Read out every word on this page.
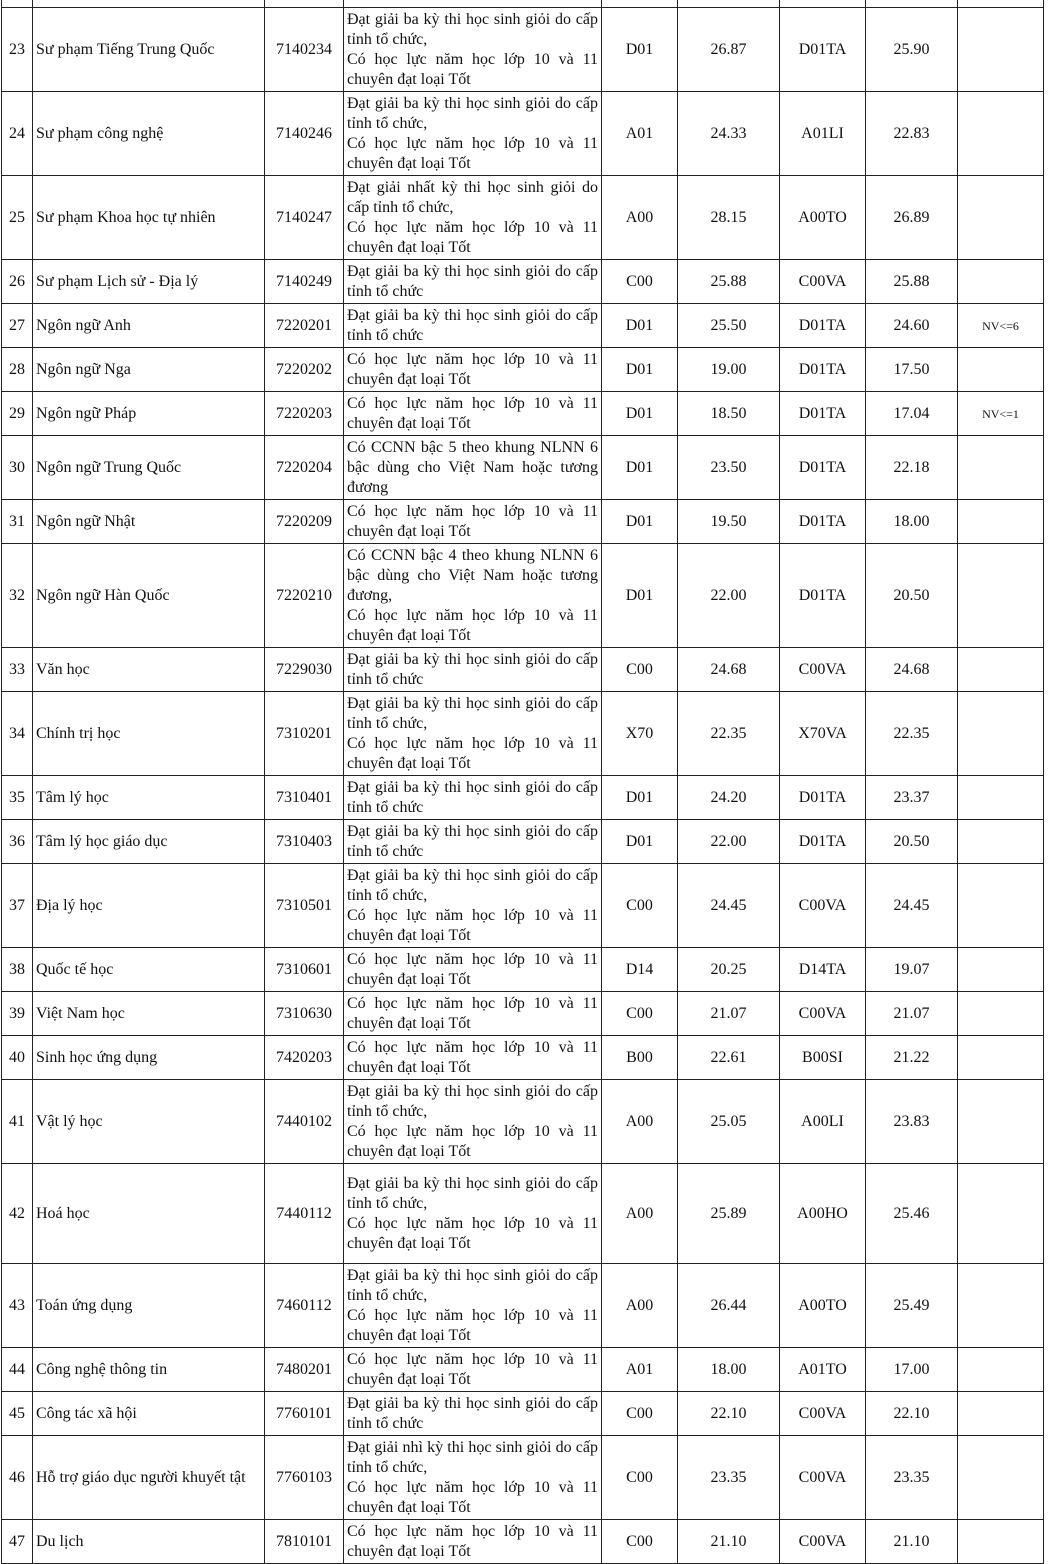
23	Sư phạm Tiếng Trung Quốc	7140234	Đạt giải ba kỳ thi học sinh giỏi do cấp tỉnh tổ chức,
Có học lực năm học lớp 10 và 11 chuyên đạt loại Tốt	D01	26.87	D01TA	25.90	
24	Sư phạm công nghệ	7140246	Đạt giải ba kỳ thi học sinh giỏi do cấp tỉnh tổ chức,
Có học lực năm học lớp 10 và 11 chuyên đạt loại Tốt	A01	24.33	A01LI	22.83	
25	Sư phạm Khoa học tự nhiên	7140247	Đạt giải nhất kỳ thi học sinh giỏi do cấp tỉnh tổ chức,
Có học lực năm học lớp 10 và 11 chuyên đạt loại Tốt	A00	28.15	A00TO	26.89	
26	Sư phạm Lịch sử - Địa lý	7140249	Đạt giải ba kỳ thi học sinh giỏi do cấp tỉnh tổ chức	C00	25.88	C00VA	25.88	
27	Ngôn ngữ Anh	7220201	Đạt giải ba kỳ thi học sinh giỏi do cấp tỉnh tổ chức	D01	25.50	D01TA	24.60	NV<=6
28	Ngôn ngữ Nga	7220202	Có học lực năm học lớp 10 và 11 chuyên đạt loại Tốt	D01	19.00	D01TA	17.50	
29	Ngôn ngữ Pháp	7220203	Có học lực năm học lớp 10 và 11 chuyên đạt loại Tốt	D01	18.50	D01TA	17.04	NV<=1
30	Ngôn ngữ Trung Quốc	7220204	Có CCNN bậc 5 theo khung NLNN 6 bậc dùng cho Việt Nam hoặc tương đương	D01	23.50	D01TA	22.18	
31	Ngôn ngữ Nhật	7220209	Có học lực năm học lớp 10 và 11 chuyên đạt loại Tốt	D01	19.50	D01TA	18.00	
32	Ngôn ngữ Hàn Quốc	7220210	Có CCNN bậc 4 theo khung NLNN 6 bậc dùng cho Việt Nam hoặc tương đương,
Có học lực năm học lớp 10 và 11 chuyên đạt loại Tốt	D01	22.00	D01TA	20.50	
33	Văn học	7229030	Đạt giải ba kỳ thi học sinh giỏi do cấp tỉnh tổ chức	C00	24.68	C00VA	24.68	
34	Chính trị học	7310201	Đạt giải ba kỳ thi học sinh giỏi do cấp tỉnh tổ chức,
Có học lực năm học lớp 10 và 11 chuyên đạt loại Tốt	X70	22.35	X70VA	22.35	
35	Tâm lý học	7310401	Đạt giải ba kỳ thi học sinh giỏi do cấp tỉnh tổ chức	D01	24.20	D01TA	23.37	
36	Tâm lý học giáo dục	7310403	Đạt giải ba kỳ thi học sinh giỏi do cấp tỉnh tổ chức	D01	22.00	D01TA	20.50	
37	Địa lý học	7310501	Đạt giải ba kỳ thi học sinh giỏi do cấp tỉnh tổ chức,
Có học lực năm học lớp 10 và 11 chuyên đạt loại Tốt	C00	24.45	C00VA	24.45	
38	Quốc tế học	7310601	Có học lực năm học lớp 10 và 11 chuyên đạt loại Tốt	D14	20.25	D14TA	19.07	
39	Việt Nam học	7310630	Có học lực năm học lớp 10 và 11 chuyên đạt loại Tốt	C00	21.07	C00VA	21.07	
40	Sinh học ứng dụng	7420203	Có học lực năm học lớp 10 và 11 chuyên đạt loại Tốt	B00	22.61	B00SI	21.22	
41	Vật lý học	7440102	Đạt giải ba kỳ thi học sinh giỏi do cấp tỉnh tổ chức,
Có học lực năm học lớp 10 và 11 chuyên đạt loại Tốt	A00	25.05	A00LI	23.83	
42	Hoá học	7440112	Đạt giải ba kỳ thi học sinh giỏi do cấp tỉnh tổ chức,
Có học lực năm học lớp 10 và 11 chuyên đạt loại Tốt	A00	25.89	A00HO	25.46	
43	Toán ứng dụng	7460112	Đạt giải ba kỳ thi học sinh giỏi do cấp tỉnh tổ chức,
Có học lực năm học lớp 10 và 11 chuyên đạt loại Tốt	A00	26.44	A00TO	25.49	
44	Công nghệ thông tin	7480201	Có học lực năm học lớp 10 và 11 chuyên đạt loại Tốt	A01	18.00	A01TO	17.00	
45	Công tác xã hội	7760101	Đạt giải ba kỳ thi học sinh giỏi do cấp tỉnh tổ chức	C00	22.10	C00VA	22.10	
46	Hỗ trợ giáo dục người khuyết tật	7760103	Đạt giải nhì kỳ thi học sinh giỏi do cấp tỉnh tổ chức,
Có học lực năm học lớp 10 và 11 chuyên đạt loại Tốt	C00	23.35	C00VA	23.35	
47	Du lịch	7810101	Có học lực năm học lớp 10 và 11 chuyên đạt loại Tốt	C00	21.10	C00VA	21.10	
